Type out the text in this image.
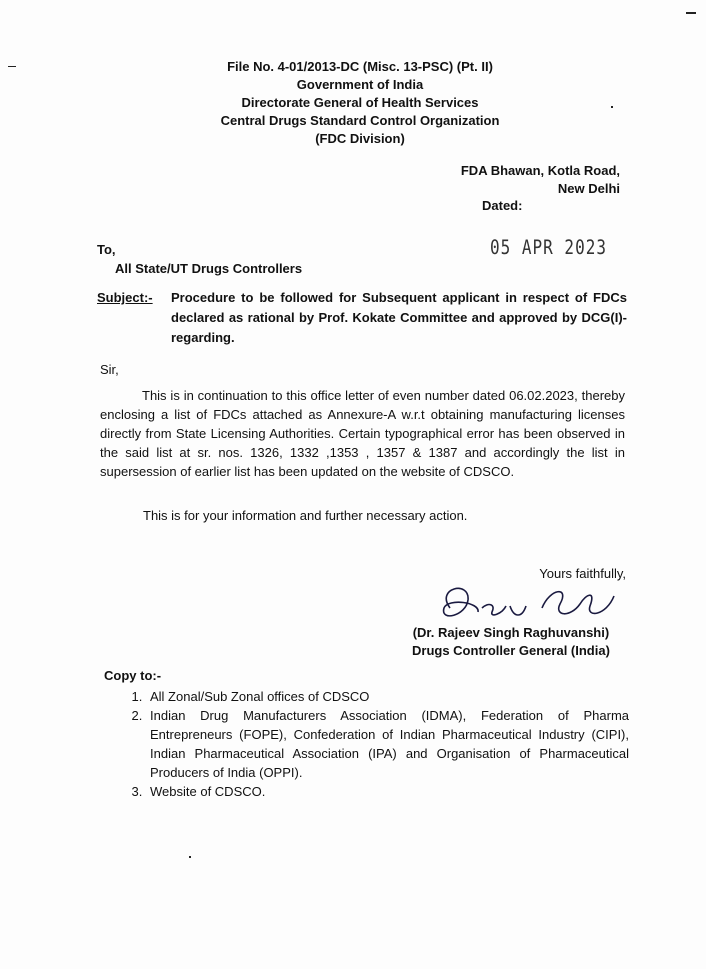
File No. 4-01/2013-DC (Misc. 13-PSC) (Pt. II)
Government of India
Directorate General of Health Services
Central Drugs Standard Control Organization
(FDC Division)
FDA Bhawan, Kotla Road,
New Delhi
Dated:
05 APR 2023
To,
All State/UT Drugs Controllers
Subject:-	Procedure to be followed for Subsequent applicant in respect of FDCs declared as rational by Prof. Kokate Committee and approved by DCG(I)-regarding.
Sir,

This is in continuation to this office letter of even number dated 06.02.2023, thereby enclosing a list of FDCs attached as Annexure-A w.r.t obtaining manufacturing licenses directly from State Licensing Authorities. Certain typographical error has been observed in the said list at sr. nos. 1326, 1332 ,1353 , 1357 & 1387 and accordingly the list in supersession of earlier list has been updated on the website of CDSCO.

This is for your information and further necessary action.
Yours faithfully,
(Dr. Rajeev Singh Raghuvanshi)
Drugs Controller General (India)
Copy to:-
1. All Zonal/Sub Zonal offices of CDSCO
2. Indian Drug Manufacturers Association (IDMA), Federation of Pharma Entrepreneurs (FOPE), Confederation of Indian Pharmaceutical Industry (CIPI), Indian Pharmaceutical Association (IPA) and Organisation of Pharmaceutical Producers of India (OPPI).
3. Website of CDSCO.
